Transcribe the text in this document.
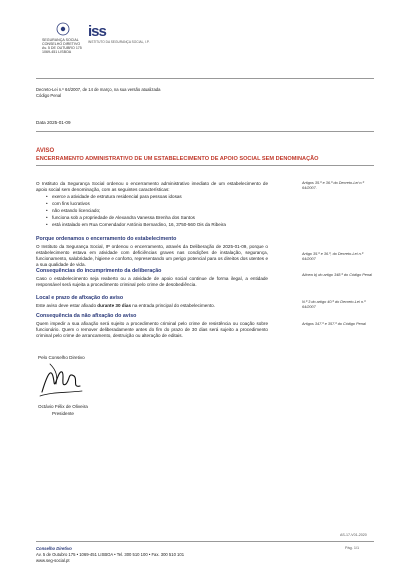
SEGURANÇA SOCIAL
CONSELHO DIRETIVO
Av. 5 DE OUTUBRO 175
1069-451 LISBOA
iss
INSTITUTO DA SEGURANÇA SOCIAL, I.P.
Decreto-Lei n.º 64/2007, de 14 de março, na sua versão atualizada
Código Penal
Data 2025-01-09
AVISO
ENCERRAMENTO ADMINISTRATIVO DE UM ESTABELECIMENTO DE APOIO SOCIAL SEM DENOMINAÇÃO
O Instituto da Segurança Social ordenou o encerramento administrativo imediato de um estabelecimento de apoio social sem denominação, com as seguintes características:
• exerce a atividade de estrutura residencial para pessoas idosas
• com fins lucrativos
• não estando licenciado;
• funciona sob a propriedade de Alexandra Vanessa Brenha dos Santos
• está instalado em Rua Comendador António Bernardino, 16, 3750-560 Ois da Ribeira
Porque ordenamos o encerramento do estabelecimento
O Instituto da Segurança Social, IP ordenou o encerramento, através da Deliberação de 2025-01-09, porque o estabelecimento estava em atividade com deficiências graves nas condições de instalação, segurança, funcionamento, salubridade, higiene e conforto, representando um perigo potencial para os direitos dos utentes e a sua qualidade de vida.
Consequências do incumprimento da deliberação
Caso o estabelecimento seja reaberto ou a atividade de apoio social continue de forma ilegal, a entidade responsável será sujeita a procedimento criminal pelo crime de desobediência.
Local e prazo de afixação do aviso
Este aviso deve estar afixado durante 30 dias na entrada principal do estabelecimento.
Consequência da não afixação do aviso
Quem impedir a sua afixação será sujeito a procedimento criminal pelo crime de resistência ou coação sobre funcionário. Quem o remover deliberadamente antes do fim do prazo de 30 dias será sujeito a procedimento criminal pelo crime de arrancamento, destruição ou alteração de editais.
Artigos 35.º e 36.º do Decreto-Lei n.º 64/2007.
Artigo 35.º e 36.º, do Decreto-Lei n.º 64/2007
Alínea b) do artigo 348.º do Código Penal
N.º 3 do artigo 40.º do Decreto-Lei n.º 64/2007
Artigos 347.º e 357.º do Código Penal
Pelo Conselho Diretivo
Octávio Félix de Oliveira
Presidente
AS-17-V01-2020
Conselho Diretivo
Av. 5 de Outubro 175 • 1069-451 LISBOA • Tel. 300 510 100 • Fax. 300 510 101
www.seg-social.pt
Pág. 1/1
